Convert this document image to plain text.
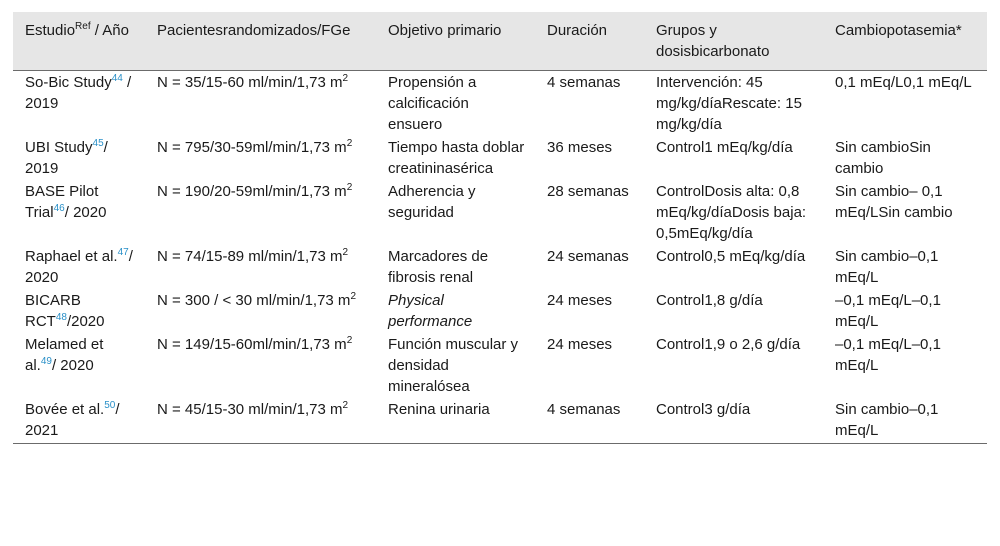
Estudio$^{Ref}$ / Año	Pacientesrandomizados/FGe	Objetivo primario	Duración	Grupos y dosisbicarbonato	Cambiopotasemia*
So-Bic Study$^{44}$ / 2019	N = 35/15-60 ml/min/1,73 $m^2$	Propensión a calcificación ensuero	4 semanas	Intervención: 45 mg/kg/díaRescate: 15 mg/kg/día	0,1 mEq/L0,1 mEq/L
UBI Study$^{45}$/ 2019	N = 795/30-59ml/min/1,73 $m^2$	Tiempo hasta doblar creatininasérica	36 meses	Control1 mEq/kg/día	Sin cambioSin cambio
BASE Pilot Trial$^{46}$/ 2020	N = 190/20-59ml/min/1,73 $m^2$	Adherencia y seguridad	28 semanas	ControlDosis alta: 0,8 mEq/kg/díaDosis baja: 0,5mEq/kg/día	Sin cambio– 0,1 mEq/LSin cambio
Raphael et al.$^{47}$/ 2020	N = 74/15-89 ml/min/1,73 $m^2$	Marcadores de fibrosis renal	24 semanas	Control0,5 mEq/kg/día	Sin cambio–0,1 mEq/L
BICARB RCT$^{48}$/2020	N = 300 / < 30 ml/min/1,73 $m^2$	Physical performance	24 meses	Control1,8 g/día	–0,1 mEq/L–0,1 mEq/L
Melamed et al.$^{49}$/ 2020	N = 149/15-60ml/min/1,73 $m^2$	Función muscular y densidad mineralósea	24 meses	Control1,9 o 2,6 g/día	–0,1 mEq/L–0,1 mEq/L
Bovée et al.$^{50}$/ 2021	N = 45/15-30 ml/min/1,73 $m^2$	Renina urinaria	4 semanas	Control3 g/día	Sin cambio–0,1 mEq/L
